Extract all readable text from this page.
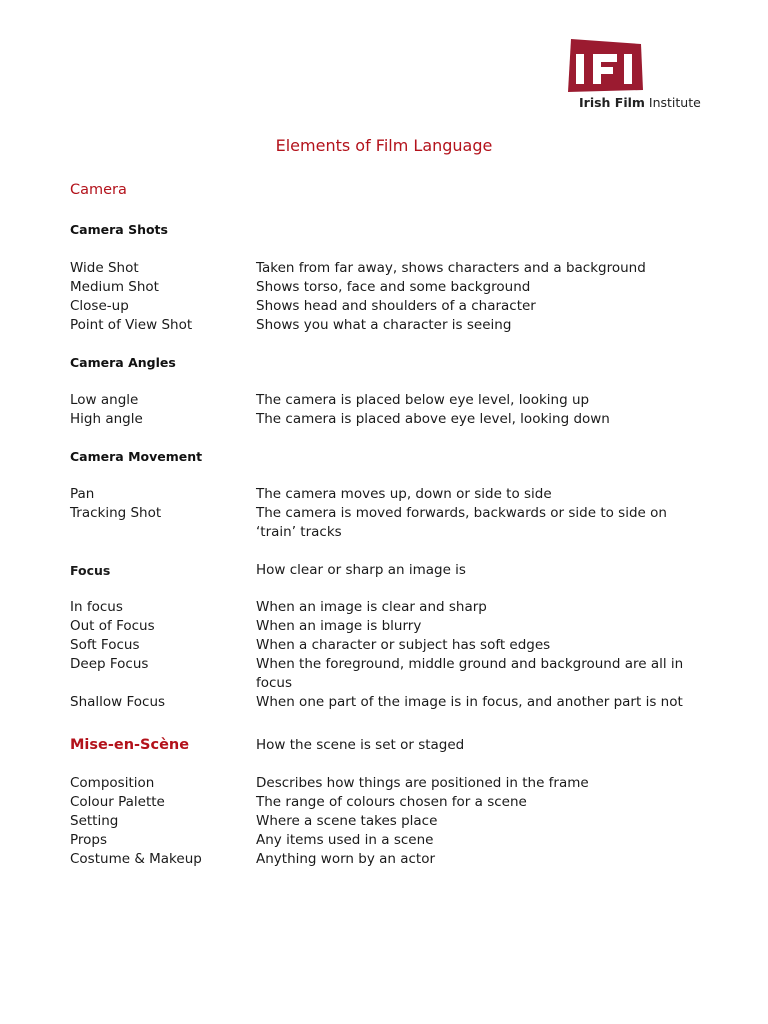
Irish Film Institute
Elements of Film Language
Camera
Camera Shots
Wide Shot	Taken from far away, shows characters and a background
Medium Shot	Shows torso, face and some background
Close-up	Shows head and shoulders of a character
Point of View Shot	Shows you what a character is seeing
Camera Angles
Low angle	The camera is placed below eye level, looking up
High angle	The camera is placed above eye level, looking down
Camera Movement
Pan	The camera moves up, down or side to side
Tracking Shot	The camera is moved forwards, backwards or side to side on ‘train’ tracks
Focus	How clear or sharp an image is
In focus	When an image is clear and sharp
Out of Focus	When an image is blurry
Soft Focus	When a character or subject has soft edges
Deep Focus	When the foreground, middle ground and background are all in focus
Shallow Focus	When one part of the image is in focus, and another part is not
Mise-en-Scène	How the scene is set or staged
Composition	Describes how things are positioned in the frame
Colour Palette	The range of colours chosen for a scene
Setting	Where a scene takes place
Props	Any items used in a scene
Costume & Makeup	Anything worn by an actor
